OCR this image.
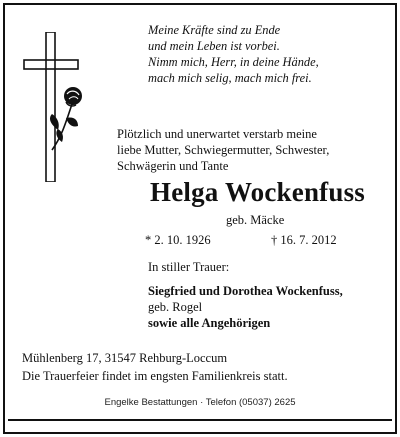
Meine Kräfte sind zu Ende
und mein Leben ist vorbei.
Nimm mich, Herr, in deine Hände,
mach mich selig, mach mich frei.
Plötzlich und unerwartet verstarb meine
liebe Mutter, Schwiegermutter, Schwester,
Schwägerin und Tante
Helga Wockenfuss
geb. Mäcke
* 2. 10. 1926	† 16. 7. 2012
In stiller Trauer:
Siegfried und Dorothea Wockenfuss,
geb. Rogel
sowie alle Angehörigen
Mühlenberg 17, 31547 Rehburg-Loccum
Die Trauerfeier findet im engsten Familienkreis statt.
Engelke Bestattungen · Telefon (05037) 2625
